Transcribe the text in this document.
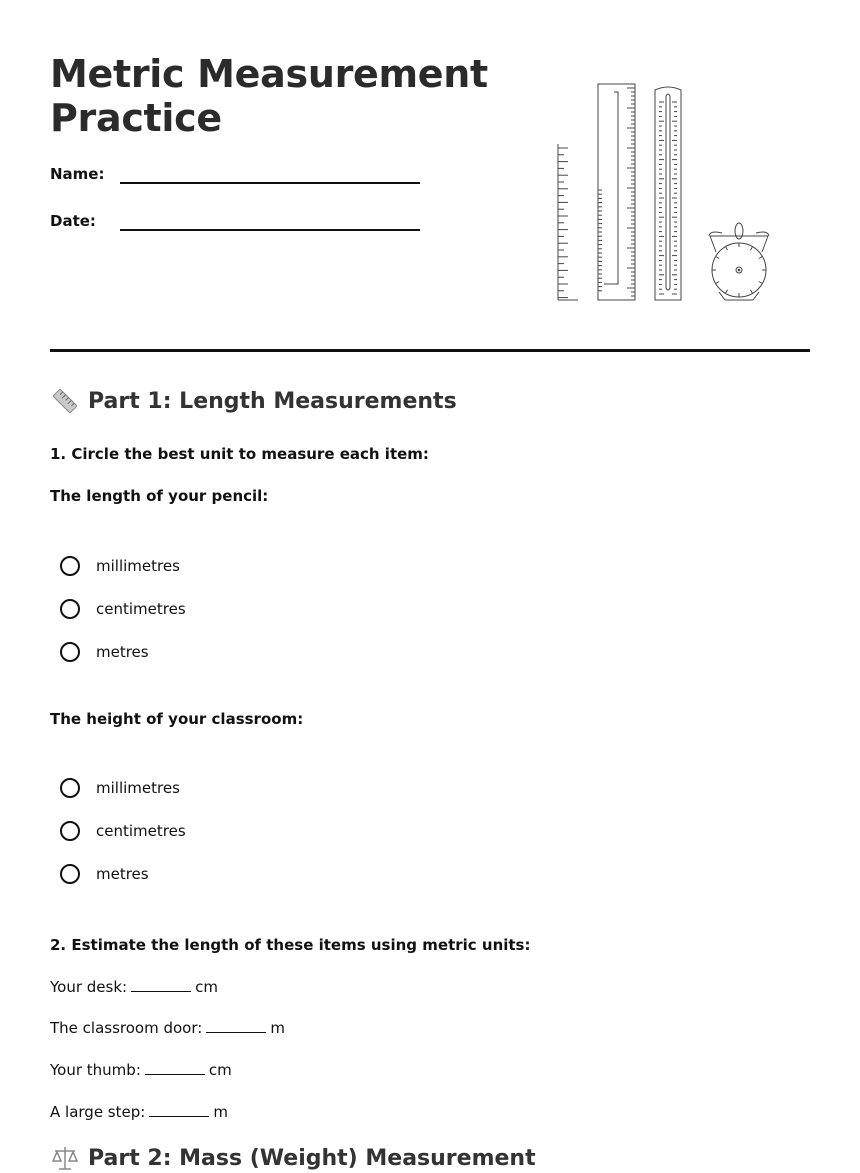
Metric Measurement
Practice
Name:
Date:
Part 1: Length Measurements
1. Circle the best unit to measure each item:
The length of your pencil:
millimetres
centimetres
metres
The height of your classroom:
millimetres
centimetres
metres
2. Estimate the length of these items using metric units:
Your desk:	cm
The classroom door:	m
Your thumb:	cm
A large step:	m
Part 2: Mass (Weight) Measurement
